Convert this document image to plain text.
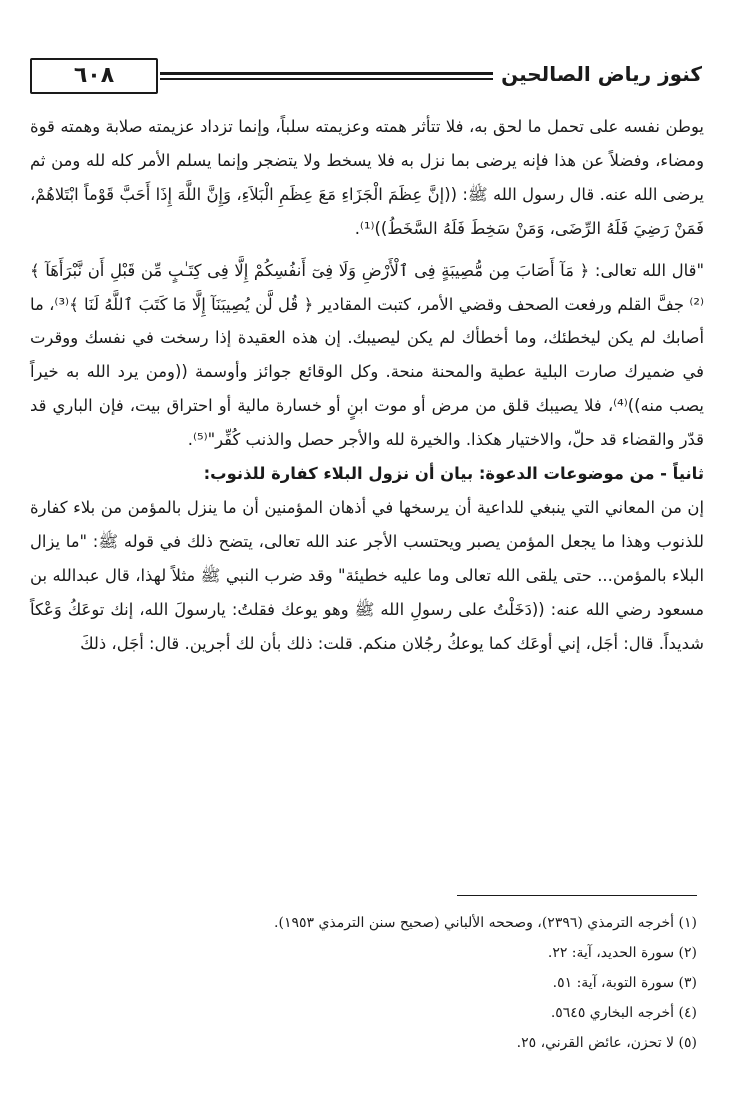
٦٠٨	كنوز رياض الصالحين

يوطن نفسه على تحمل ما لحق به، فلا تتأثر همته وعزيمته سلباً، وإنما تزداد عزيمته صلابة وهمته قوة ومضاء، وفضلاً عن هذا فإنه يرضى بما نزل به فلا يسخط ولا يتضجر وإنما يسلم الأمر كله لله ومن ثم يرضى الله عنه. قال رسول الله ﷺ: ((إنَّ عِظَمَ الْجَزَاءِ مَعَ عِظَمِ الْبَلاَءِ، وَإِنَّ اللَّهَ إِذَا أَحَبَّ قَوْماً ابْتَلاهُمْ، فَمَنْ رَضِيَ فَلَهُ الرِّضَى، وَمَنْ سَخِطَ فَلَهُ السَّخَطُ))⁽¹⁾.

"قال الله تعالى: ﴿ مَآ أَصَابَ مِن مُّصِيبَةٍ فِى ٱلْأَرْضِ وَلَا فِىٓ أَنفُسِكُمْ إِلَّا فِى كِتَـٰبٍ مِّن قَبْلِ أَن نَّبْرَأَهَآ ﴾⁽²⁾ جفَّ القلم ورفعت الصحف وقضي الأمر، كتبت المقادير ﴿ قُل لَّن يُصِيبَنَآ إِلَّا مَا كَتَبَ ٱللَّهُ لَنَا ﴾⁽³⁾، ما أصابك لم يكن ليخطئك، وما أخطأك لم يكن ليصيبك. إن هذه العقيدة إذا رسخت في نفسك ووقرت في ضميرك صارت البلية عطية والمحنة منحة. وكل الوقائع جوائز وأوسمة ((ومن يرد الله به خيراً يصب منه))⁽⁴⁾، فلا يصيبك قلق من مرض أو موت ابنٍ أو خسارة مالية أو احتراق بيت، فإن الباري قد قدّر والقضاء قد حلّ، والاختيار هكذا. والخيرة لله والأجر حصل والذنب كُفِّر"⁽⁵⁾.

ثانياً - من موضوعات الدعوة: بيان أن نزول البلاء كفارة للذنوب:

إن من المعاني التي ينبغي للداعية أن يرسخها في أذهان المؤمنين أن ما ينزل بالمؤمن من بلاء كفارة للذنوب وهذا ما يجعل المؤمن يصبر ويحتسب الأجر عند الله تعالى، يتضح ذلك في قوله ﷺ: "ما يزال البلاء بالمؤمن... حتى يلقى الله تعالى وما عليه خطيئة" وقد ضرب النبي ﷺ مثلاً لهذا، قال عبدالله بن مسعود رضي الله عنه: ((دَخَلْتُ على رسولِ الله ﷺ وهو يوعك فقلتُ: يارسولَ الله، إنك توعَكُ وَعْكاً شديداً. قال: أجَل، إني أوعَك كما يوعكُ رجُلان منكم. قلت: ذلك بأن لك أجرين. قال: أجَل، ذلكَ

(١) أخرجه الترمذي (٢٣٩٦)، وصححه الألباني (صحيح سنن الترمذي ١٩٥٣).
(٢) سورة الحديد، آية: ٢٢.
(٣) سورة التوبة، آية: ٥١.
(٤) أخرجه البخاري ٥٦٤٥.
(٥) لا تحزن، عائض القرني، ٢٥.
